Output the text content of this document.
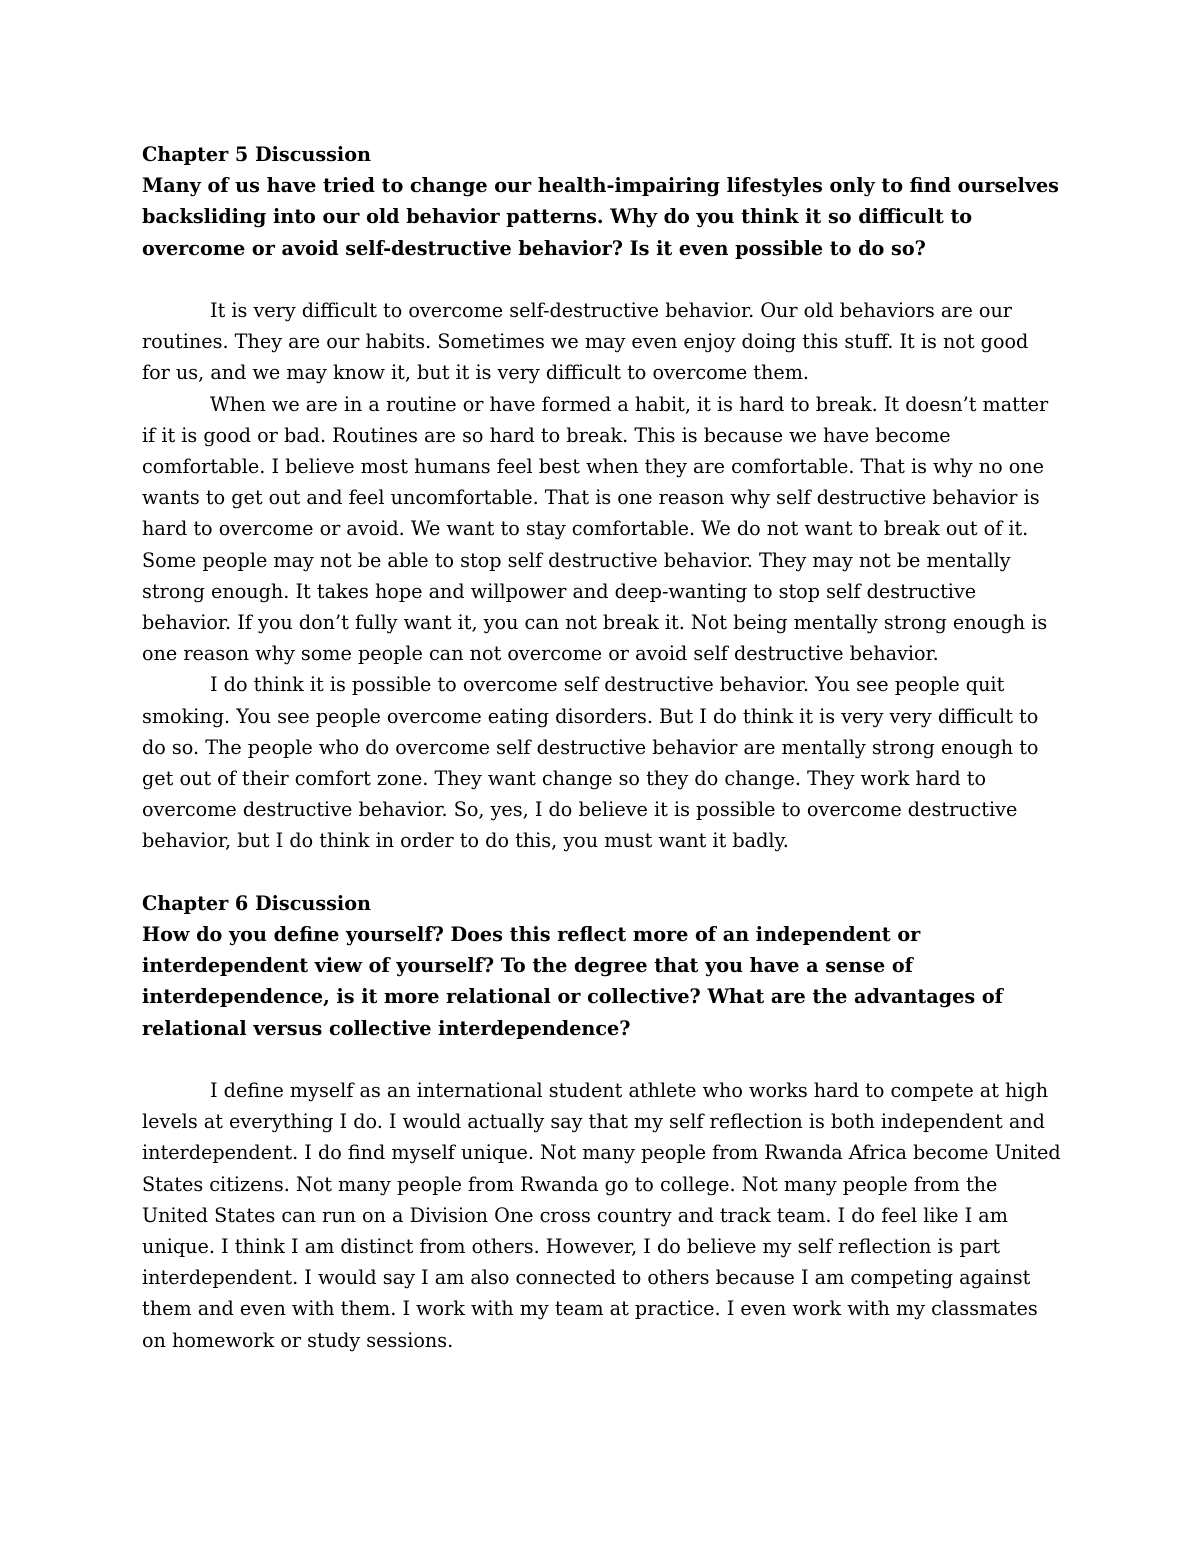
Chapter 5 Discussion

Many of us have tried to change our health-impairing lifestyles only to find ourselves backsliding into our old behavior patterns. Why do you think it so difficult to overcome or avoid self-destructive behavior? Is it even possible to do so?

It is very difficult to overcome self-destructive behavior. Our old behaviors are our routines. They are our habits. Sometimes we may even enjoy doing this stuff. It is not good for us, and we may know it, but it is very difficult to overcome them.

When we are in a routine or have formed a habit, it is hard to break. It doesn’t matter if it is good or bad. Routines are so hard to break. This is because we have become comfortable. I believe most humans feel best when they are comfortable. That is why no one wants to get out and feel uncomfortable. That is one reason why self destructive behavior is hard to overcome or avoid. We want to stay comfortable. We do not want to break out of it. Some people may not be able to stop self destructive behavior. They may not be mentally strong enough. It takes hope and willpower and deep-wanting to stop self destructive behavior. If you don’t fully want it, you can not break it. Not being mentally strong enough is one reason why some people can not overcome or avoid self destructive behavior.

I do think it is possible to overcome self destructive behavior. You see people quit smoking. You see people overcome eating disorders. But I do think it is very very difficult to do so. The people who do overcome self destructive behavior are mentally strong enough to get out of their comfort zone. They want change so they do change. They work hard to overcome destructive behavior. So, yes, I do believe it is possible to overcome destructive behavior, but I do think in order to do this, you must want it badly.

Chapter 6 Discussion

How do you define yourself? Does this reflect more of an independent or interdependent view of yourself? To the degree that you have a sense of interdependence, is it more relational or collective? What are the advantages of relational versus collective interdependence?

I define myself as an international student athlete who works hard to compete at high levels at everything I do. I would actually say that my self reflection is both independent and interdependent. I do find myself unique. Not many people from Rwanda Africa become United States citizens. Not many people from Rwanda go to college. Not many people from the United States can run on a Division One cross country and track team. I do feel like I am unique. I think I am distinct from others. However, I do believe my self reflection is part interdependent. I would say I am also connected to others because I am competing against them and even with them. I work with my team at practice. I even work with my classmates on homework or study sessions.
